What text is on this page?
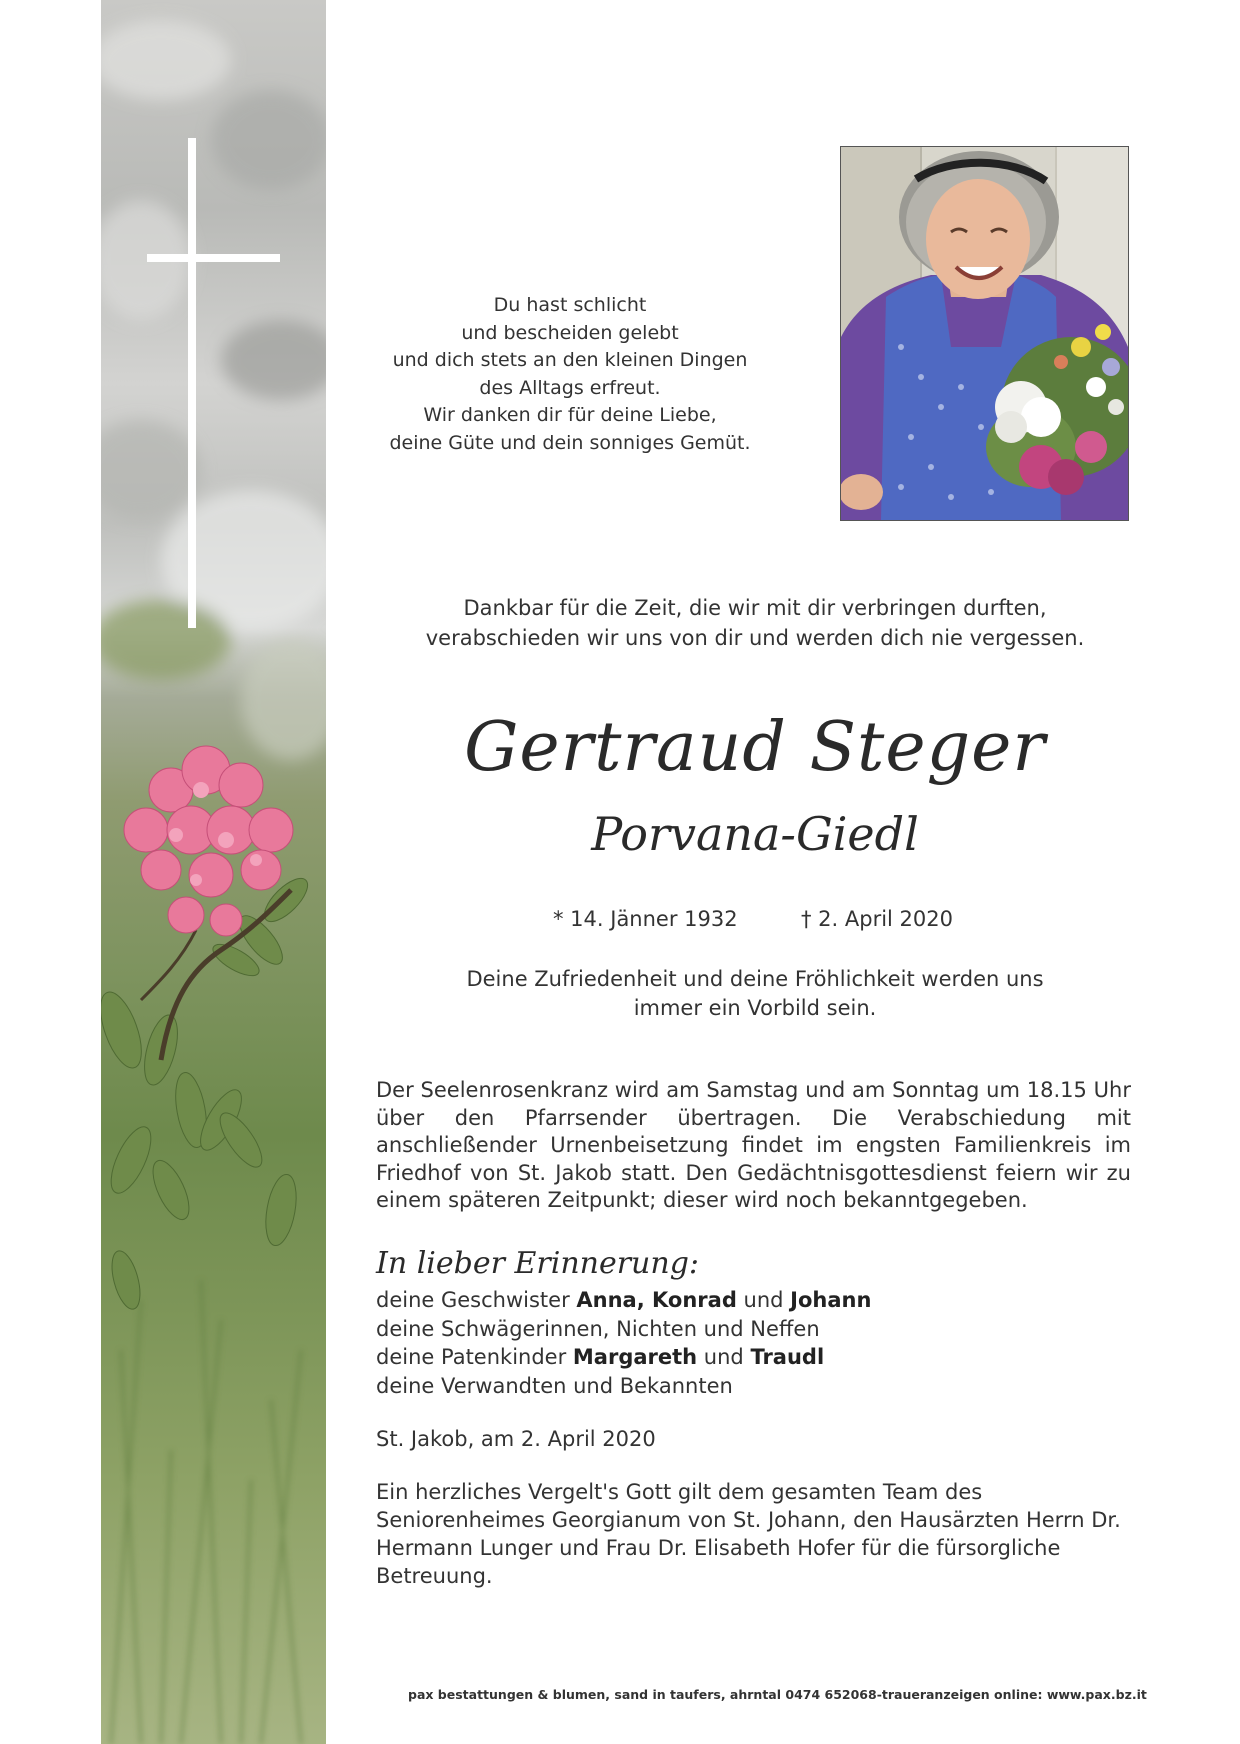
Du hast schlicht
und bescheiden gelebt
und dich stets an den kleinen Dingen
des Alltags erfreut.
Wir danken dir für deine Liebe,
deine Güte und dein sonniges Gemüt.
Dankbar für die Zeit, die wir mit dir verbringen durften,
verabschieden wir uns von dir und werden dich nie vergessen.
Gertraud Steger
Porvana-Giedl
* 14. Jänner 1932	† 2. April 2020
Deine Zufriedenheit und deine Fröhlichkeit werden uns
immer ein Vorbild sein.
Der Seelenrosenkranz wird am Samstag und am Sonntag um 18.15 Uhr über den Pfarrsender übertragen. Die Verabschiedung mit anschließender Urnenbeisetzung findet im engsten Familienkreis im Friedhof von St. Jakob statt. Den Gedächtnisgottesdienst feiern wir zu einem späteren Zeitpunkt; dieser wird noch bekanntgegeben.
In lieber Erinnerung:
deine Geschwister Anna, Konrad und Johann
deine Schwägerinnen, Nichten und Neffen
deine Patenkinder Margareth und Traudl
deine Verwandten und Bekannten
St. Jakob, am 2. April 2020
Ein herzliches Vergelt's Gott gilt dem gesamten Team des Seniorenheimes Georgianum von St. Johann, den Hausärzten Herrn Dr. Hermann Lunger und Frau Dr. Elisabeth Hofer für die fürsorgliche Betreuung.
pax bestattungen & blumen, sand in taufers, ahrntal 0474 652068-traueranzeigen online: www.pax.bz.it
